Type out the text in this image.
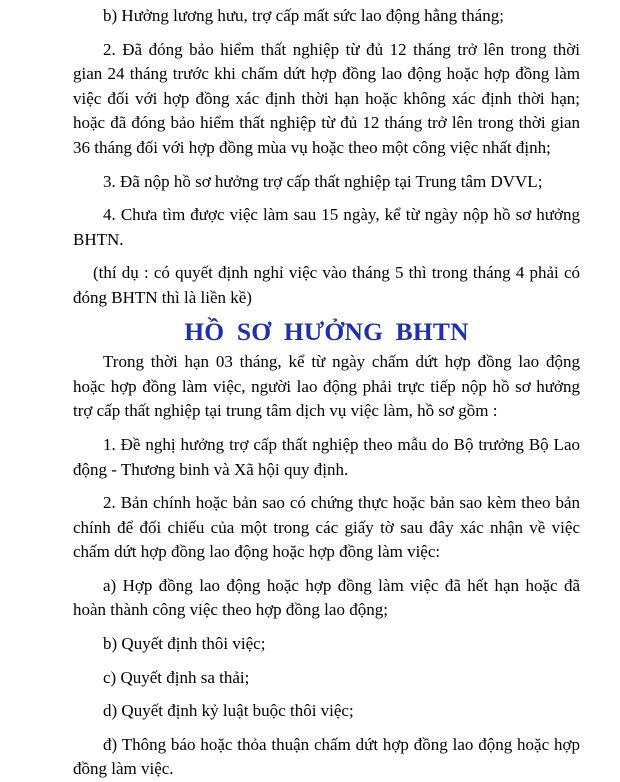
b) Hưởng lương hưu, trợ cấp mất sức lao động hằng tháng;

2. Đã đóng bảo hiểm thất nghiệp từ đủ 12 tháng trở lên trong thời gian 24 tháng trước khi chấm dứt hợp đồng lao động hoặc hợp đồng làm việc đối với hợp đồng xác định thời hạn hoặc không xác định thời hạn; hoặc đã đóng bảo hiểm thất nghiệp từ đủ 12 tháng trở lên trong thời gian 36 tháng đối với hợp đồng mùa vụ hoặc theo một công việc nhất định;

3. Đã nộp hồ sơ hưởng trợ cấp thất nghiệp tại Trung tâm DVVL;

4. Chưa tìm được việc làm sau 15 ngày, kể từ ngày nộp hồ sơ hưởng BHTN.

(thí dụ : có quyết định nghỉ việc vào tháng 5 thì trong tháng 4 phải có đóng BHTN thì là liền kề)

HỒ SƠ HƯỞNG BHTN

Trong thời hạn 03 tháng, kể từ ngày chấm dứt hợp đồng lao động hoặc hợp đồng làm việc, người lao động phải trực tiếp nộp hồ sơ hưởng trợ cấp thất nghiệp tại trung tâm dịch vụ việc làm, hồ sơ gồm :

1. Đề nghị hưởng trợ cấp thất nghiệp theo mẫu do Bộ trưởng Bộ Lao động - Thương binh và Xã hội quy định.

2. Bản chính hoặc bản sao có chứng thực hoặc bản sao kèm theo bản chính để đối chiếu của một trong các giấy tờ sau đây xác nhận về việc chấm dứt hợp đồng lao động hoặc hợp đồng làm việc:

a) Hợp đồng lao động hoặc hợp đồng làm việc đã hết hạn hoặc đã hoàn thành công việc theo hợp đồng lao động;

b) Quyết định thôi việc;

c) Quyết định sa thải;

d) Quyết định kỷ luật buộc thôi việc;

đ) Thông báo hoặc thỏa thuận chấm dứt hợp đồng lao động hoặc hợp đồng làm việc.
